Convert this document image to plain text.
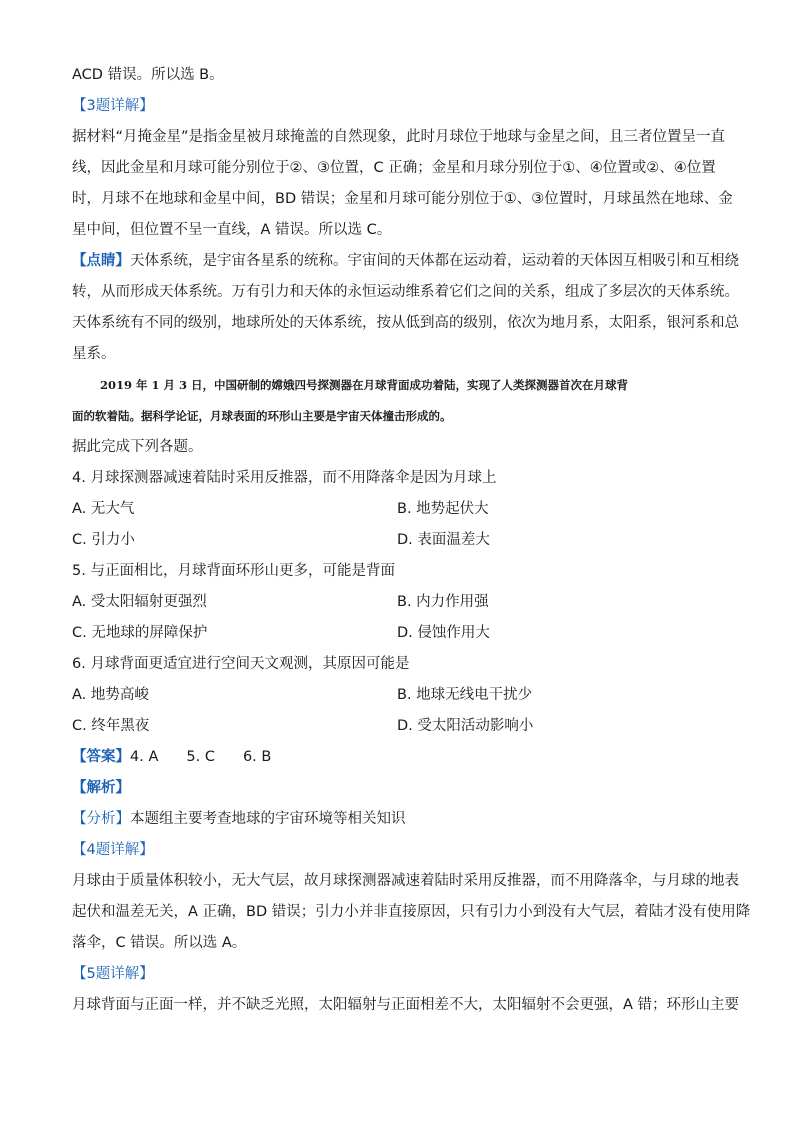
ACD 错误。所以选 B。
【3题详解】
据材料“月掩金星”是指金星被月球掩盖的自然现象，此时月球位于地球与金星之间，且三者位置呈一直
线，因此金星和月球可能分别位于②、③位置，C 正确；金星和月球分别位于①、④位置或②、④位置
时，月球不在地球和金星中间，BD 错误；金星和月球可能分别位于①、③位置时，月球虽然在地球、金
星中间，但位置不呈一直线，A 错误。所以选 C。
【点睛】天体系统，是宇宙各星系的统称。宇宙间的天体都在运动着，运动着的天体因互相吸引和互相绕
转，从而形成天体系统。万有引力和天体的永恒运动维系着它们之间的关系，组成了多层次的天体系统。
天体系统有不同的级别，地球所处的天体系统，按从低到高的级别，依次为地月系，太阳系，银河系和总
星系。
2019 年 1 月 3 日，中国研制的嫦娥四号探测器在月球背面成功着陆，实现了人类探测器首次在月球背
面的软着陆。据科学论证，月球表面的环形山主要是宇宙天体撞击形成的。
据此完成下列各题。
4. 月球探测器减速着陆时采用反推器，而不用降落伞是因为月球上
A. 无大气	B. 地势起伏大
C. 引力小	D. 表面温差大
5. 与正面相比，月球背面环形山更多，可能是背面
A. 受太阳辐射更强烈	B. 内力作用强
C. 无地球的屏障保护	D. 侵蚀作用大
6. 月球背面更适宜进行空间天文观测，其原因可能是
A. 地势高峻	B. 地球无线电干扰少
C. 终年黑夜	D. 受太阳活动影响小
【答案】4. A 5. C 6. B
【解析】
【分析】本题组主要考查地球的宇宙环境等相关知识
【4题详解】
月球由于质量体积较小，无大气层，故月球探测器减速着陆时采用反推器，而不用降落伞，与月球的地表
起伏和温差无关，A 正确，BD 错误；引力小并非直接原因，只有引力小到没有大气层，着陆才没有使用降
落伞，C 错误。所以选 A。
【5题详解】
月球背面与正面一样，并不缺乏光照，太阳辐射与正面相差不大，太阳辐射不会更强，A 错；环形山主要
